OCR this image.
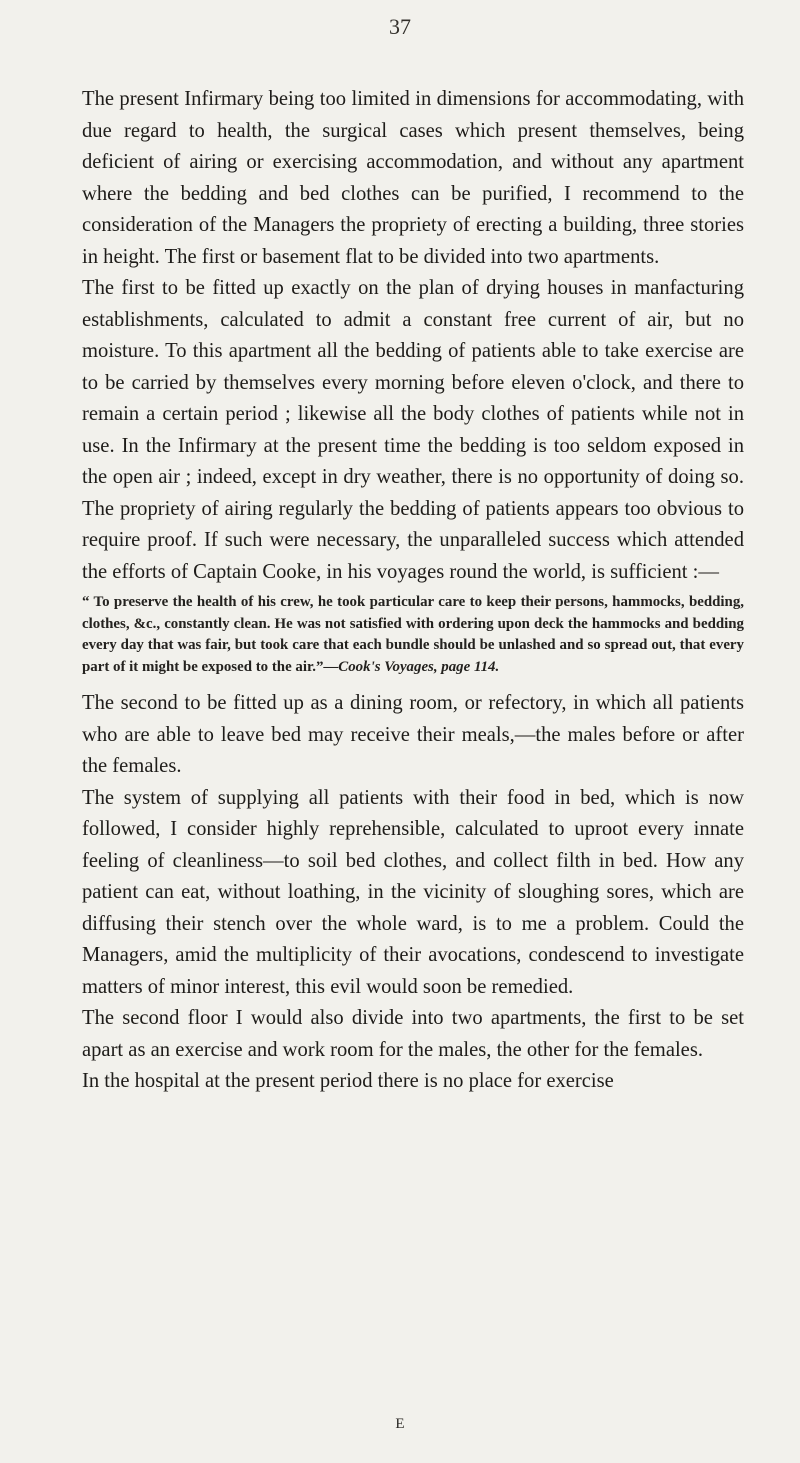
37

The present Infirmary being too limited in dimensions for accommodating, with due regard to health, the surgical cases which present themselves, being deficient of airing or exercising accommodation, and without any apartment where the bedding and bed clothes can be purified, I recommend to the consideration of the Managers the propriety of erecting a building, three stories in height. The first or basement flat to be divided into two apartments.

The first to be fitted up exactly on the plan of drying houses in manfacturing establishments, calculated to admit a constant free current of air, but no moisture. To this apartment all the bedding of patients able to take exercise are to be carried by themselves every morning before eleven o'clock, and there to remain a certain period ; likewise all the body clothes of patients while not in use. In the Infirmary at the present time the bedding is too seldom exposed in the open air ; indeed, except in dry weather, there is no opportunity of doing so. The propriety of airing regularly the bedding of patients appears too obvious to require proof. If such were necessary, the unparalleled success which attended the efforts of Captain Cooke, in his voyages round the world, is sufficient :—

“ To preserve the health of his crew, he took particular care to keep their persons, hammocks, bedding, clothes, &c., constantly clean. He was not satisfied with ordering upon deck the hammocks and bedding every day that was fair, but took care that each bundle should be unlashed and so spread out, that every part of it might be exposed to the air.”—Cook's Voyages, page 114.

The second to be fitted up as a dining room, or refectory, in which all patients who are able to leave bed may receive their meals,—the males before or after the females.

The system of supplying all patients with their food in bed, which is now followed, I consider highly reprehensible, calculated to uproot every innate feeling of cleanliness—to soil bed clothes, and collect filth in bed. How any patient can eat, without loathing, in the vicinity of sloughing sores, which are diffusing their stench over the whole ward, is to me a problem. Could the Managers, amid the multiplicity of their avocations, condescend to investigate matters of minor interest, this evil would soon be remedied.

The second floor I would also divide into two apartments, the first to be set apart as an exercise and work room for the males, the other for the females.

In the hospital at the present period there is no place for exercise

E
